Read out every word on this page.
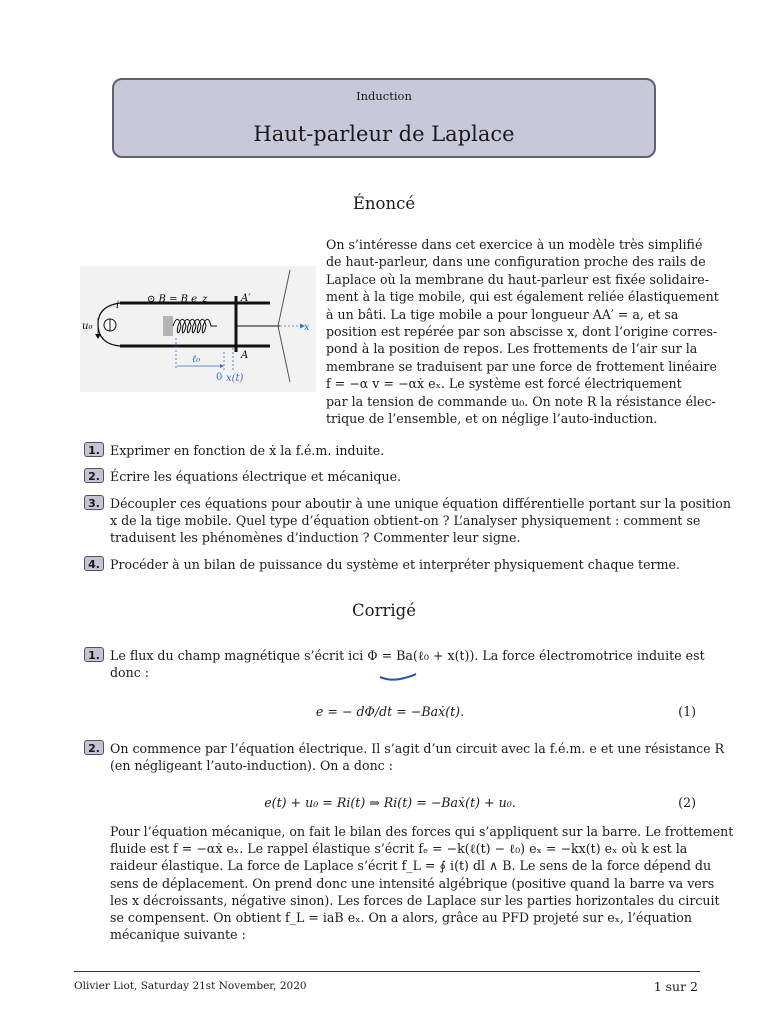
Induction
Haut-parleur de Laplace
Énoncé
u₀
i
x
ℓ₀
0 x(t)
⊙ B = B e_z	A′
A
On s’intéresse dans cet exercice à un modèle très simplifié
de haut-parleur, dans une configuration proche des rails de
Laplace où la membrane du haut-parleur est fixée solidaire-
ment à la tige mobile, qui est également reliée élastiquement
à un bâti. La tige mobile a pour longueur AA′ = a, et sa
position est repérée par son abscisse x, dont l’origine corres-
pond à la position de repos. Les frottements de l’air sur la
membrane se traduisent par une force de frottement linéaire
f = −α v = −αẋ eₓ. Le système est forcé électriquement
par la tension de commande u₀. On note R la résistance élec-
trique de l’ensemble, et on néglige l’auto-induction.
1. Exprimer en fonction de ẋ la f.é.m. induite.
2. Écrire les équations électrique et mécanique.
3. Découpler ces équations pour aboutir à une unique équation différentielle portant sur la position
x de la tige mobile. Quel type d’équation obtient-on ? L’analyser physiquement : comment se
traduisent les phénomènes d’induction ? Commenter leur signe.
4. Procéder à un bilan de puissance du système et interpréter physiquement chaque terme.
Corrigé
1. Le flux du champ magnétique s’écrit ici Φ = Ba(ℓ₀ + x(t)). La force électromotrice induite est
donc :
e = − dΦ/dt = −Baẋ(t).	(1)
2. On commence par l’équation électrique. Il s’agit d’un circuit avec la f.é.m. e et une résistance R
(en négligeant l’auto-induction). On a donc :
e(t) + u₀ = Ri(t) ⇒ Ri(t) = −Baẋ(t) + u₀.	(2)
Pour l’équation mécanique, on fait le bilan des forces qui s’appliquent sur la barre. Le frottement
fluide est f = −αẋ eₓ. Le rappel élastique s’écrit fₑ = −k(ℓ(t) − ℓ₀) eₓ = −kx(t) eₓ où k est la
raideur élastique. La force de Laplace s’écrit f_L = ∮ i(t) dl ∧ B. Le sens de la force dépend du
sens de déplacement. On prend donc une intensité algébrique (positive quand la barre va vers
les x décroissants, négative sinon). Les forces de Laplace sur les parties horizontales du circuit
se compensent. On obtient f_L = iaB eₓ. On a alors, grâce au PFD projeté sur eₓ, l’équation
mécanique suivante :
Olivier Liot, Saturday 21st November, 2020	1 sur 2
